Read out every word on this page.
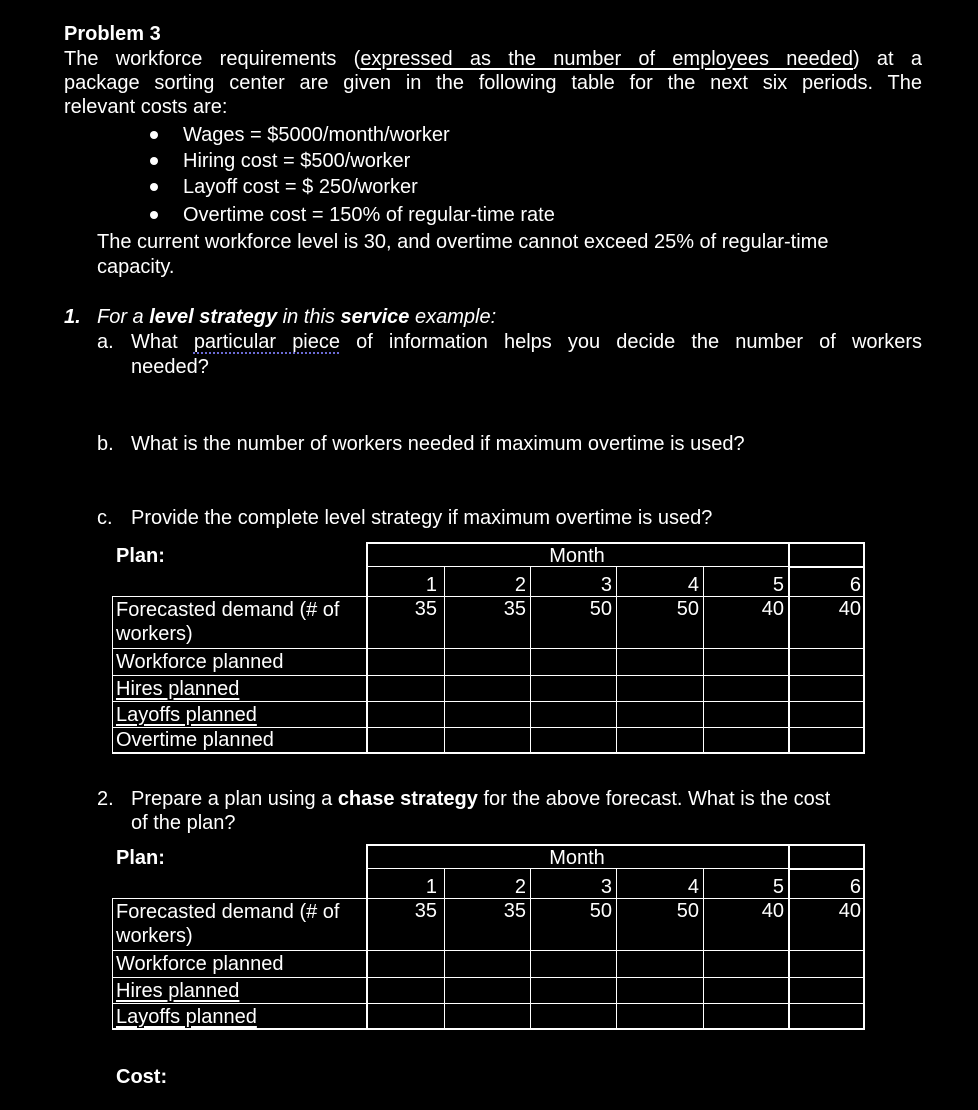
Problem 3
The workforce requirements (expressed as the number of employees needed) at a
package sorting center are given in the following table for the next six periods. The
relevant costs are:
Wages = $5000/month/worker
Hiring cost = $500/worker
Layoff cost = $ 250/worker
Overtime cost = 150% of regular-time rate
The current workforce level is 30, and overtime cannot exceed 25% of regular-time
capacity.
1. For a level strategy in this service example:
a. What particular piece of information helps you decide the number of workers
needed?
b. What is the number of workers needed if maximum overtime is used?
c. Provide the complete level strategy if maximum overtime is used?
Plan:	Month
1	2	3	4	5	6
Forecasted demand (# of
workers)
35	35	50	50	40	40
Workforce planned
Hires planned
Layoffs planned
Overtime planned
2. Prepare a plan using a chase strategy for the above forecast. What is the cost
of the plan?
Plan:	Month
1	2	3	4	5	6
Forecasted demand (# of
workers)
35	35	50	50	40	40
Workforce planned
Hires planned
Layoffs planned
Cost:
